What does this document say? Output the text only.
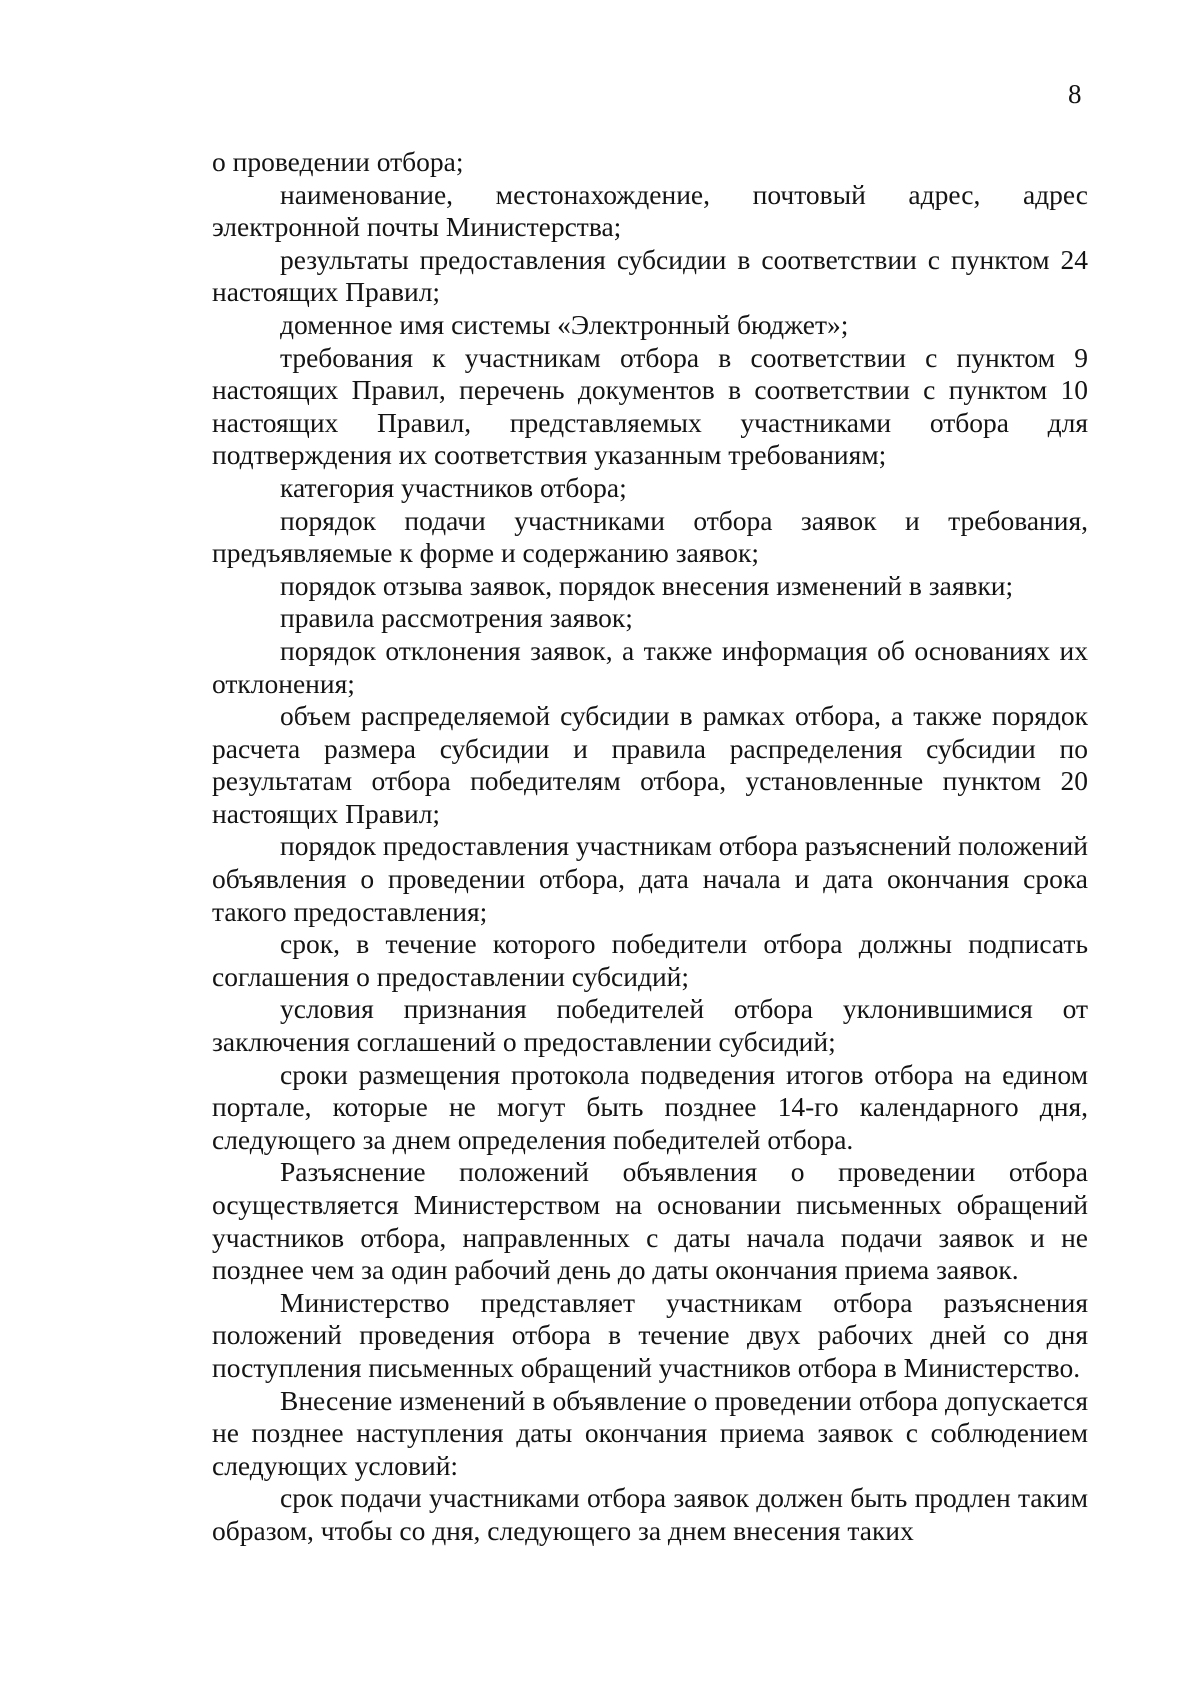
8

о проведении отбора;

наименование, местонахождение, почтовый адрес, адрес электронной почты Министерства;

результаты предоставления субсидии в соответствии с пунктом 24 настоящих Правил;

доменное имя системы «Электронный бюджет»;

требования к участникам отбора в соответствии с пунктом 9 настоящих Правил, перечень документов в соответствии с пунктом 10 настоящих Правил, представляемых участниками отбора для подтверждения их соответствия указанным требованиям;

категория участников отбора;

порядок подачи участниками отбора заявок и требования, предъявляемые к форме и содержанию заявок;

порядок отзыва заявок, порядок внесения изменений в заявки;

правила рассмотрения заявок;

порядок отклонения заявок, а также информация об основаниях их отклонения;

объем распределяемой субсидии в рамках отбора, а также порядок расчета размера субсидии и правила распределения субсидии по результатам отбора победителям отбора, установленные пунктом 20 настоящих Правил;

порядок предоставления участникам отбора разъяснений положений объявления о проведении отбора, дата начала и дата окончания срока такого предоставления;

срок, в течение которого победители отбора должны подписать соглашения о предоставлении субсидий;

условия признания победителей отбора уклонившимися от заключения соглашений о предоставлении субсидий;

сроки размещения протокола подведения итогов отбора на едином портале, которые не могут быть позднее 14-го календарного дня, следующего за днем определения победителей отбора.

Разъяснение положений объявления о проведении отбора осуществляется Министерством на основании письменных обращений участников отбора, направленных с даты начала подачи заявок и не позднее чем за один рабочий день до даты окончания приема заявок.

Министерство представляет участникам отбора разъяснения положений проведения отбора в течение двух рабочих дней со дня поступления письменных обращений участников отбора в Министерство.

Внесение изменений в объявление о проведении отбора допускается не позднее наступления даты окончания приема заявок с соблюдением следующих условий:

срок подачи участниками отбора заявок должен быть продлен таким образом, чтобы со дня, следующего за днем внесения таких
